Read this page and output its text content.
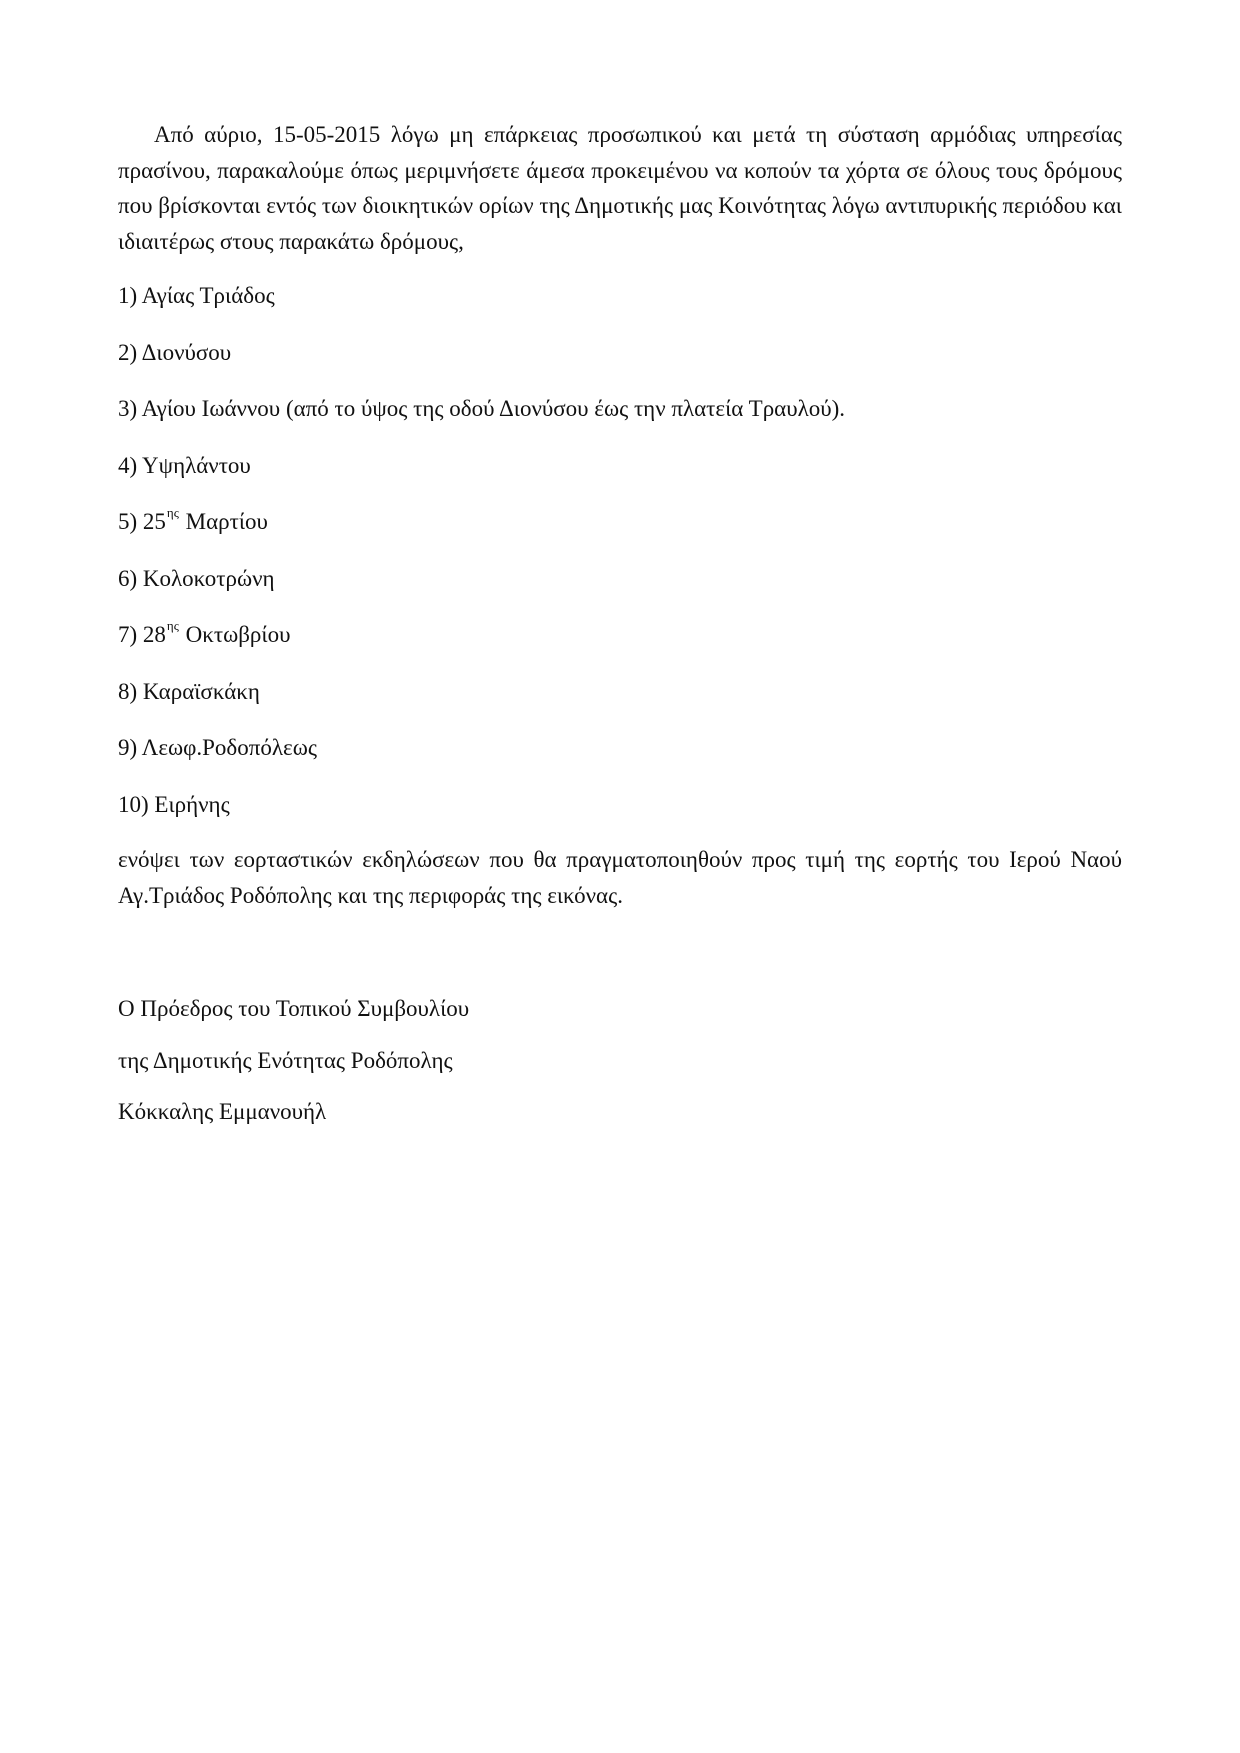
Από αύριο, 15-05-2015 λόγω μη επάρκειας προσωπικού και μετά τη σύσταση αρμόδιας υπηρεσίας πρασίνου, παρακαλούμε όπως μεριμνήσετε άμεσα προκειμένου να κοπούν τα χόρτα σε όλους τους δρόμους που βρίσκονται εντός των διοικητικών ορίων της Δημοτικής μας Κοινότητας λόγω αντιπυρικής περιόδου και ιδιαιτέρως στους παρακάτω δρόμους,

1) Αγίας Τριάδος
2) Διονύσου
3) Αγίου Ιωάννου (από το ύψος της οδού Διονύσου έως την πλατεία Τραυλού).
4) Υψηλάντου
5) $25^{\eta\varsigma}$ Μαρτίου
6) Κολοκοτρώνη
7) $28^{\eta\varsigma}$ Οκτωβρίου
8) Καραϊσκάκη
9) Λεωφ.Ροδοπόλεως
10) Ειρήνης

ενόψει των εορταστικών εκδηλώσεων που θα πραγματοποιηθούν προς τιμή της εορτής του Ιερού Ναού Αγ.Τριάδος Ροδόπολης και της περιφοράς της εικόνας.

Ο Πρόεδρος του Τοπικού Συμβουλίου
της Δημοτικής Ενότητας Ροδόπολης
Κόκκαλης Εμμανουήλ
